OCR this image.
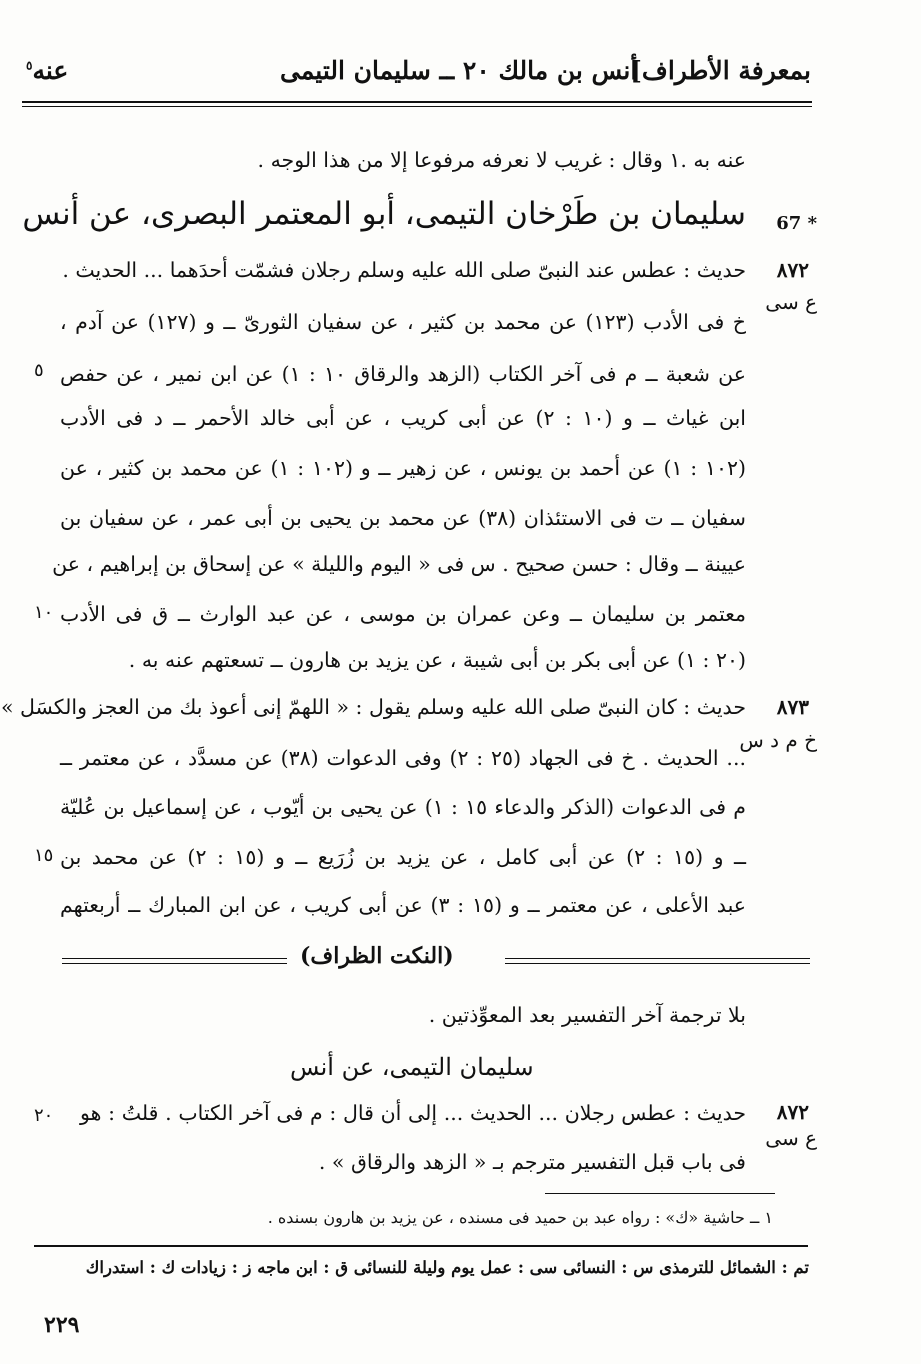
عنه$^٥$	أنس بن مالك ٢٠ ــ سليمان التيمى
بمعرفة الأطراف]
عنه به .١ وقال : غريب لا نعرفه مرفوعا إلا من هذا الوجه .
67 *
سليمان بن طَرْخان التيمى، أبو المعتمر البصرى، عن أنس
٨٧٢
ع سى
حديث : عطس عند النبىّ صلى الله عليه وسلم رجلان فشمّت أحدَهما ... الحديث .
خ فى الأدب (١٢٣) عن محمد بن كثير ، عن سفيان الثورىّ ــ و (١٢٧) عن آدم ،
عن شعبة ــ م فى آخر الكتاب (الزهد والرقاق ١٠ : ١) عن ابن نمير ، عن حفص
ابن غياث ــ و (١٠ : ٢) عن أبى كريب ، عن أبى خالد الأحمر ــ د فى الأدب
(١٠٢ : ١) عن أحمد بن يونس ، عن زهير ــ و (١٠٢ : ١) عن محمد بن كثير ، عن
سفيان ــ ت فى الاستئذان (٣٨) عن محمد بن يحيى بن أبى عمر ، عن سفيان بن
عيينة ــ وقال : حسن صحيح . س فى « اليوم والليلة » عن إسحاق بن إبراهيم ، عن
معتمر بن سليمان ــ وعن عمران بن موسى ، عن عبد الوارث ــ ق فى الأدب
(٢٠ : ١) عن أبى بكر بن أبى شيبة ، عن يزيد بن هارون ــ تسعتهم عنه به .
٨٧٣
خ م د س
حديث : كان النبىّ صلى الله عليه وسلم يقول : « اللهمّ إنى أعوذ بك من العجز والكسَل »
... الحديث . خ فى الجهاد (٢٥ : ٢) وفى الدعوات (٣٨) عن مسدَّد ، عن معتمر ــ
م فى الدعوات (الذكر والدعاء ١٥ : ١) عن يحيى بن أيّوب ، عن إسماعيل بن عُليّة
ــ و (١٥ : ٢) عن أبى كامل ، عن يزيد بن زُرَيع ــ و (١٥ : ٢) عن محمد بن
عبد الأعلى ، عن معتمر ــ و (١٥ : ٣) عن أبى كريب ، عن ابن المبارك ــ أربعتهم
٥
١٠
١٥
٢٠
(النكت الظراف)
بلا ترجمة آخر التفسير بعد المعوِّذتين .
سليمان التيمى، عن أنس
٨٧٢
ع سى
حديث : عطس رجلان ... الحديث ... إلى أن قال : م فى آخر الكتاب . قلتُ : هو
فى باب قبل التفسير مترجم بـ « الزهد والرقاق » .
١ ــ حاشية «ك» : رواه عبد بن حميد فى مسنده ، عن يزيد بن هارون بسنده .
تم : الشمائل للترمذى س : النسائى سى : عمل يوم وليلة للنسائى ق : ابن ماجه ز : زيادات ك : استدراك
٢٢٩
